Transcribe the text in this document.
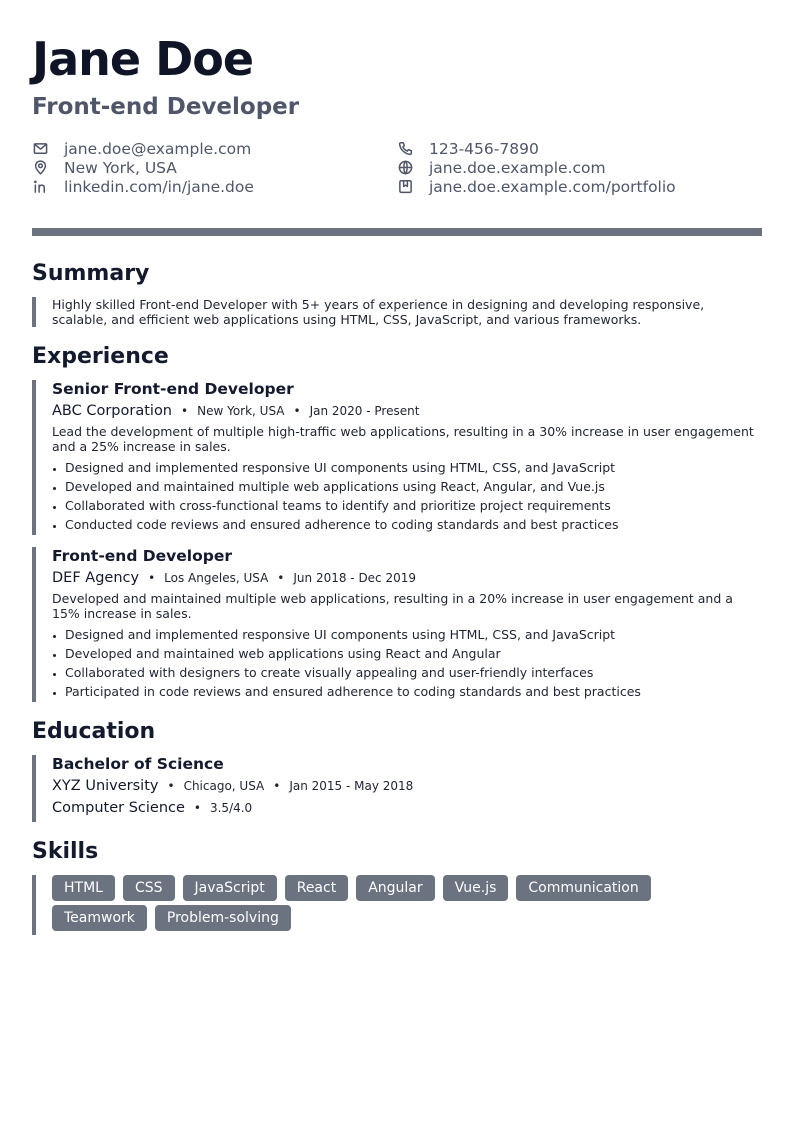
Jane Doe
Front-end Developer
jane.doe@example.com	123-456-7890
New York, USA	jane.doe.example.com
linkedin.com/in/jane.doe	jane.doe.example.com/portfolio
Summary

Highly skilled Front-end Developer with 5+ years of experience in designing and developing responsive, scalable, and efficient web applications using HTML, CSS, JavaScript, and various frameworks.

Experience
Senior Front-end Developer
ABC Corporation • New York, USA • Jan 2020 - Present

Lead the development of multiple high-traffic web applications, resulting in a 30% increase in user engagement and a 25% increase in sales.

Designed and implemented responsive UI components using HTML, CSS, and JavaScript
Developed and maintained multiple web applications using React, Angular, and Vue.js
Collaborated with cross-functional teams to identify and prioritize project requirements
Conducted code reviews and ensured adherence to coding standards and best practices
Front-end Developer
DEF Agency • Los Angeles, USA • Jun 2018 - Dec 2019

Developed and maintained multiple web applications, resulting in a 20% increase in user engagement and a 15% increase in sales.

Designed and implemented responsive UI components using HTML, CSS, and JavaScript
Developed and maintained web applications using React and Angular
Collaborated with designers to create visually appealing and user-friendly interfaces
Participated in code reviews and ensured adherence to coding standards and best practices
Education
Bachelor of Science
XYZ University • Chicago, USA • Jan 2015 - May 2018
Computer Science • 3.5/4.0
Skills
HTML	CSS	JavaScript	React	Angular	Vue.js	Communication
Teamwork	Problem-solving
